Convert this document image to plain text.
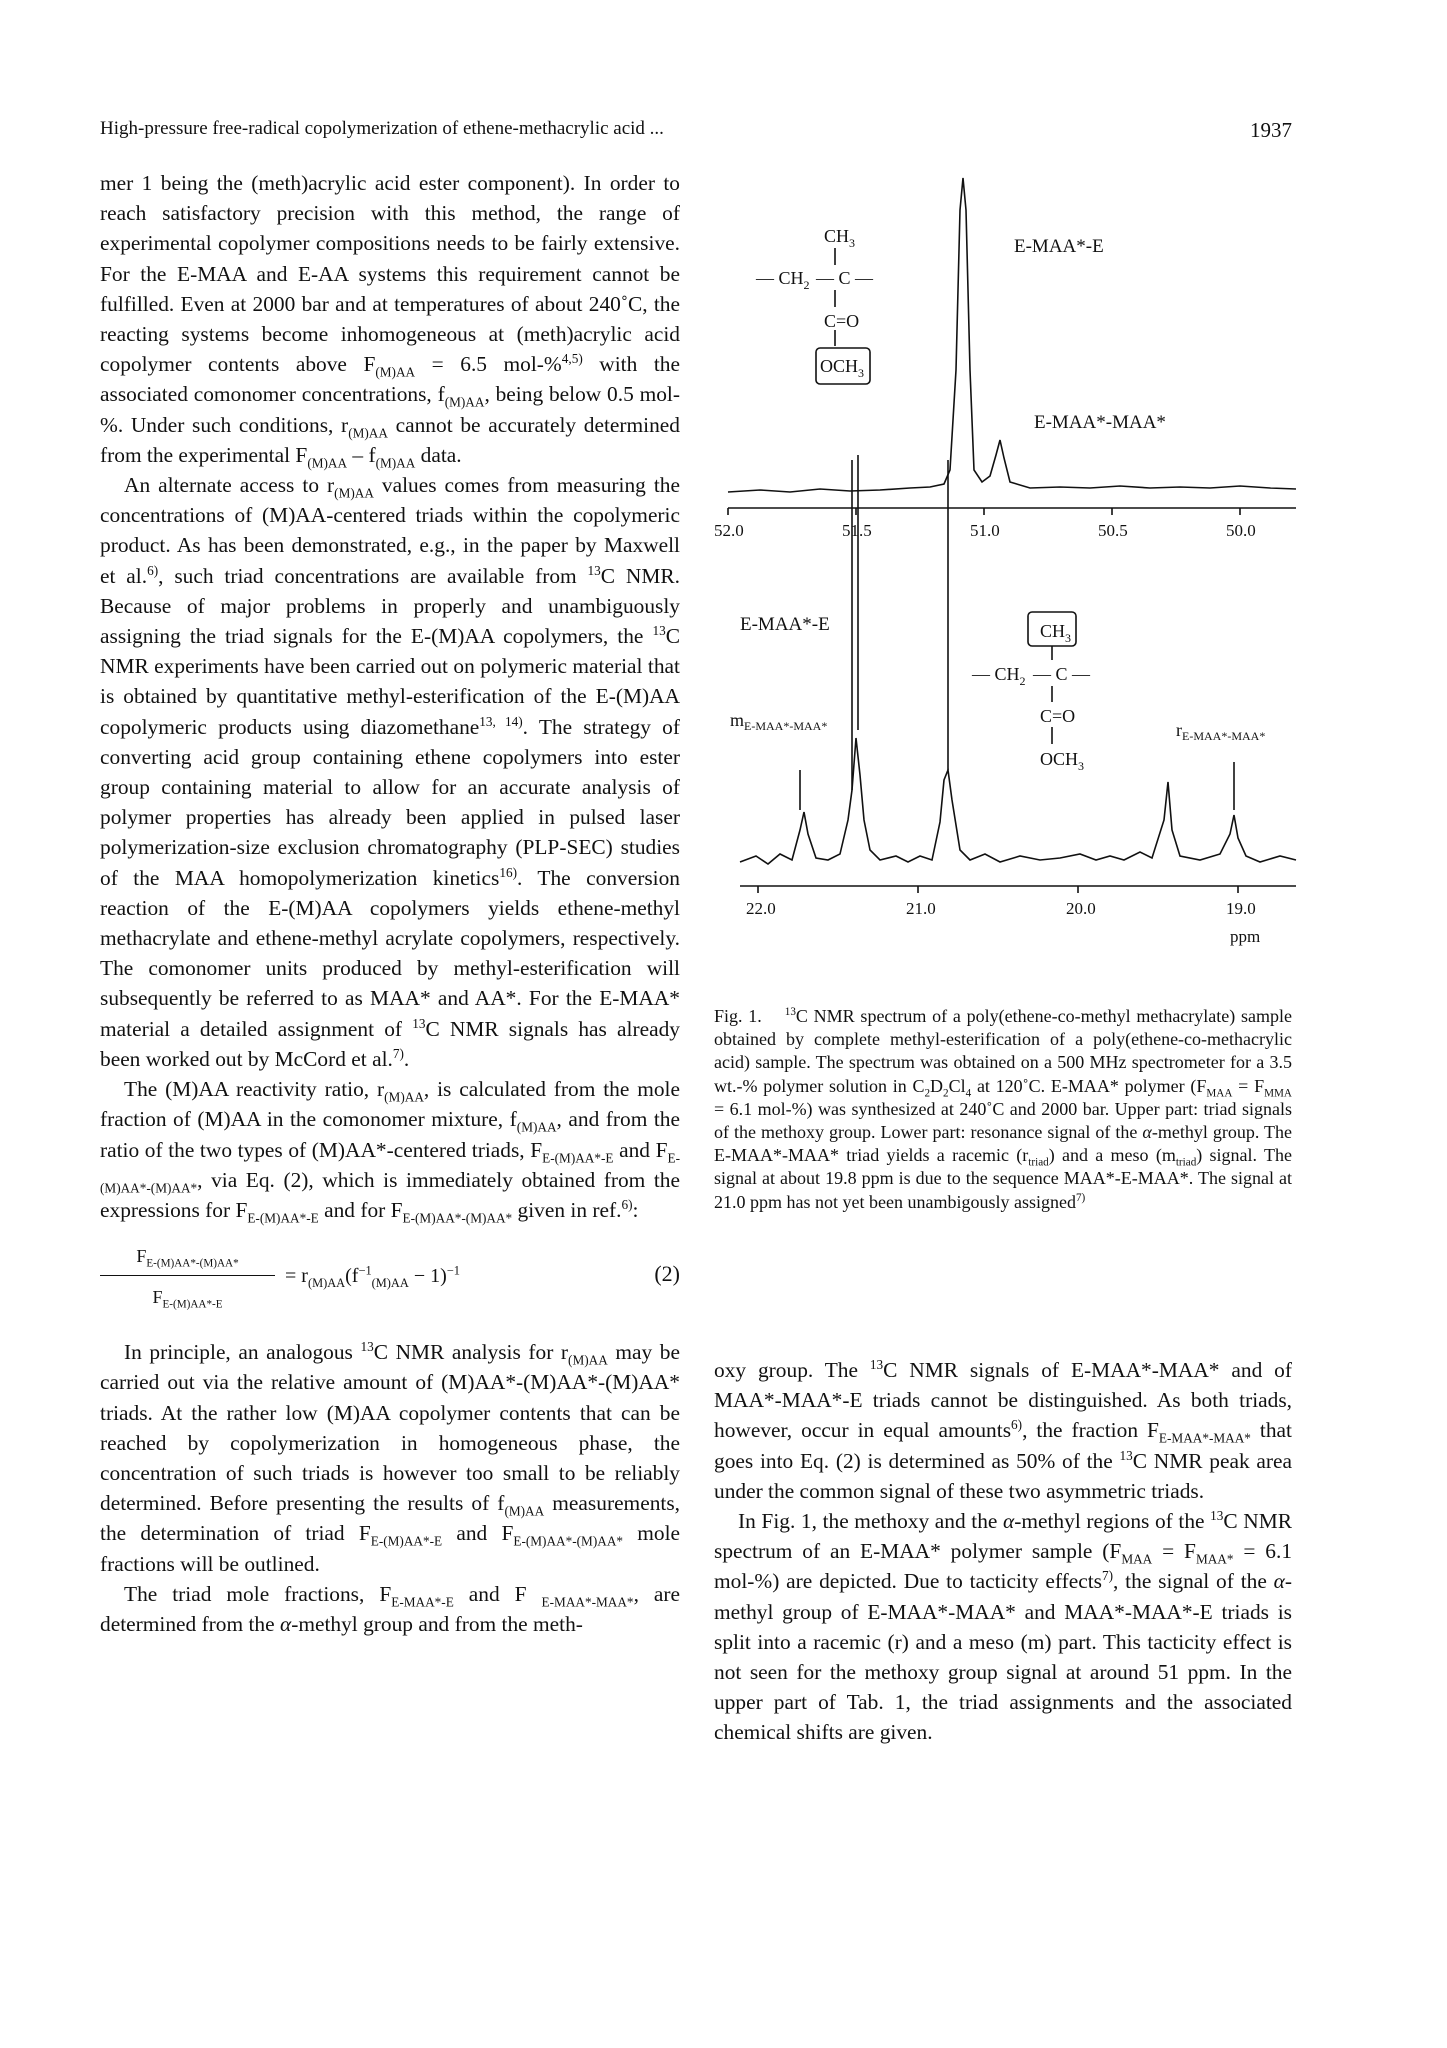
High-pressure free-radical copolymerization of ethene-methacrylic acid ...	1937

mer 1 being the (meth)acrylic acid ester component). In order to reach satisfactory precision with this method, the range of experimental copolymer compositions needs to be fairly extensive. For the E-MAA and E-AA systems this requirement cannot be fulfilled. Even at 2000 bar and at temperatures of about 240˚C, the reacting systems become inhomogeneous at (meth)acrylic acid copolymer contents above $F_{(M)AA} = 6.5$ mol-%$^{4,5)}$ with the associated comonomer concentrations, $f_{(M)AA}$, being below 0.5 mol-%. Under such conditions, $r_{(M)AA}$ cannot be accurately determined from the experimental $F_{(M)AA} - f_{(M)AA}$ data.

An alternate access to $r_{(M)AA}$ values comes from measuring the concentrations of (M)AA-centered triads within the copolymeric product. As has been demonstrated, e.g., in the paper by Maxwell et al.$^{6)}$, such triad concentrations are available from $^{13}$C NMR. Because of major problems in properly and unambiguously assigning the triad signals for the E-(M)AA copolymers, the $^{13}$C NMR experiments have been carried out on polymeric material that is obtained by quantitative methyl-esterification of the E-(M)AA copolymeric products using diazomethane$^{13, 14)}$. The strategy of converting acid group containing ethene copolymers into ester group containing material to allow for an accurate analysis of polymer properties has already been applied in pulsed laser polymerization-size exclusion chromatography (PLP-SEC) studies of the MAA homopolymerization kinetics$^{16)}$. The conversion reaction of the E-(M)AA copolymers yields ethene-methyl methacrylate and ethene-methyl acrylate copolymers, respectively. The comonomer units produced by methyl-esterification will subsequently be referred to as MAA* and AA*. For the E-MAA* material a detailed assignment of $^{13}$C NMR signals has already been worked out by McCord et al.$^{7)}$.

The (M)AA reactivity ratio, $r_{(M)AA}$, is calculated from the mole fraction of (M)AA in the comonomer mixture, $f_{(M)AA}$, and from the ratio of the two types of (M)AA*-centered triads, $F_{E-(M)AA*-E}$ and $F_{E-(M)AA*-(M)AA*}$, via Eq. (2), which is immediately obtained from the expressions for $F_{E-(M)AA*-E}$ and for $F_{E-(M)AA*-(M)AA*}$ given in ref.$^{6)}$:

$\frac{F_{E-(M)AA*-(M)AA*}}{F_{E-(M)AA*-E}} = r_{(M)AA}(f^{-1}_{(M)AA} - 1)^{-1}$	(2)

In principle, an analogous $^{13}$C NMR analysis for $r_{(M)AA}$ may be carried out via the relative amount of (M)AA*-(M)AA*-(M)AA* triads. At the rather low (M)AA copolymer contents that can be reached by copolymerization in homogeneous phase, the concentration of such triads is however too small to be reliably determined. Before presenting the results of $f_{(M)AA}$ measurements, the determination of triad $F_{E-(M)AA*-E}$ and $F_{E-(M)AA*-(M)AA*}$ mole fractions will be outlined.

The triad mole fractions, $F_{E-MAA*-E}$ and F $_{E-MAA*-MAA*}$, are determined from the α-methyl group and from the meth-

E-MAA*-E
E-MAA*-MAA*
52.0	51.5	51.0	50.5	50.0
$CH_3$
— $CH_2$ — C —
C=O
$OCH_3$
E-MAA*-E
$m_{E-MAA*-MAA*}$	$r_{E-MAA*-MAA*}$
22.0	21.0	20.0	19.0
ppm
$CH_3$
— $CH_2$ — C —
C=O
$OCH_3$
Fig. 1. $^{13}$C NMR spectrum of a poly(ethene-co-methyl methacrylate) sample obtained by complete methyl-esterification of a poly(ethene-co-methacrylic acid) sample. The spectrum was obtained on a 500 MHz spectrometer for a 3.5 wt.-% polymer solution in $C_2D_2Cl_4$ at 120˚C. E-MAA* polymer ($F_{MAA} = F_{MMA} = 6.1$ mol-%) was synthesized at 240˚C and 2000 bar. Upper part: triad signals of the methoxy group. Lower part: resonance signal of the α-methyl group. The E-MAA*-MAA* triad yields a racemic $(r_{triad})$ and a meso $(m_{triad})$ signal. The signal at about 19.8 ppm is due to the sequence MAA*-E-MAA*. The signal at 21.0 ppm has not yet been unambigously assigned$^{7)}$

oxy group. The $^{13}$C NMR signals of E-MAA*-MAA* and of MAA*-MAA*-E triads cannot be distinguished. As both triads, however, occur in equal amounts$^{6)}$, the fraction $F_{E-MAA*-MAA*}$ that goes into Eq. (2) is determined as 50% of the $^{13}$C NMR peak area under the common signal of these two asymmetric triads.

In Fig. 1, the methoxy and the α-methyl regions of the $^{13}$C NMR spectrum of an E-MAA* polymer sample ($F_{MAA} = F_{MAA*} = 6.1$ mol-%) are depicted. Due to tacticity effects$^{7)}$, the signal of the α-methyl group of E-MAA*-MAA* and MAA*-MAA*-E triads is split into a racemic (r) and a meso (m) part. This tacticity effect is not seen for the methoxy group signal at around 51 ppm. In the upper part of Tab. 1, the triad assignments and the associated chemical shifts are given.
